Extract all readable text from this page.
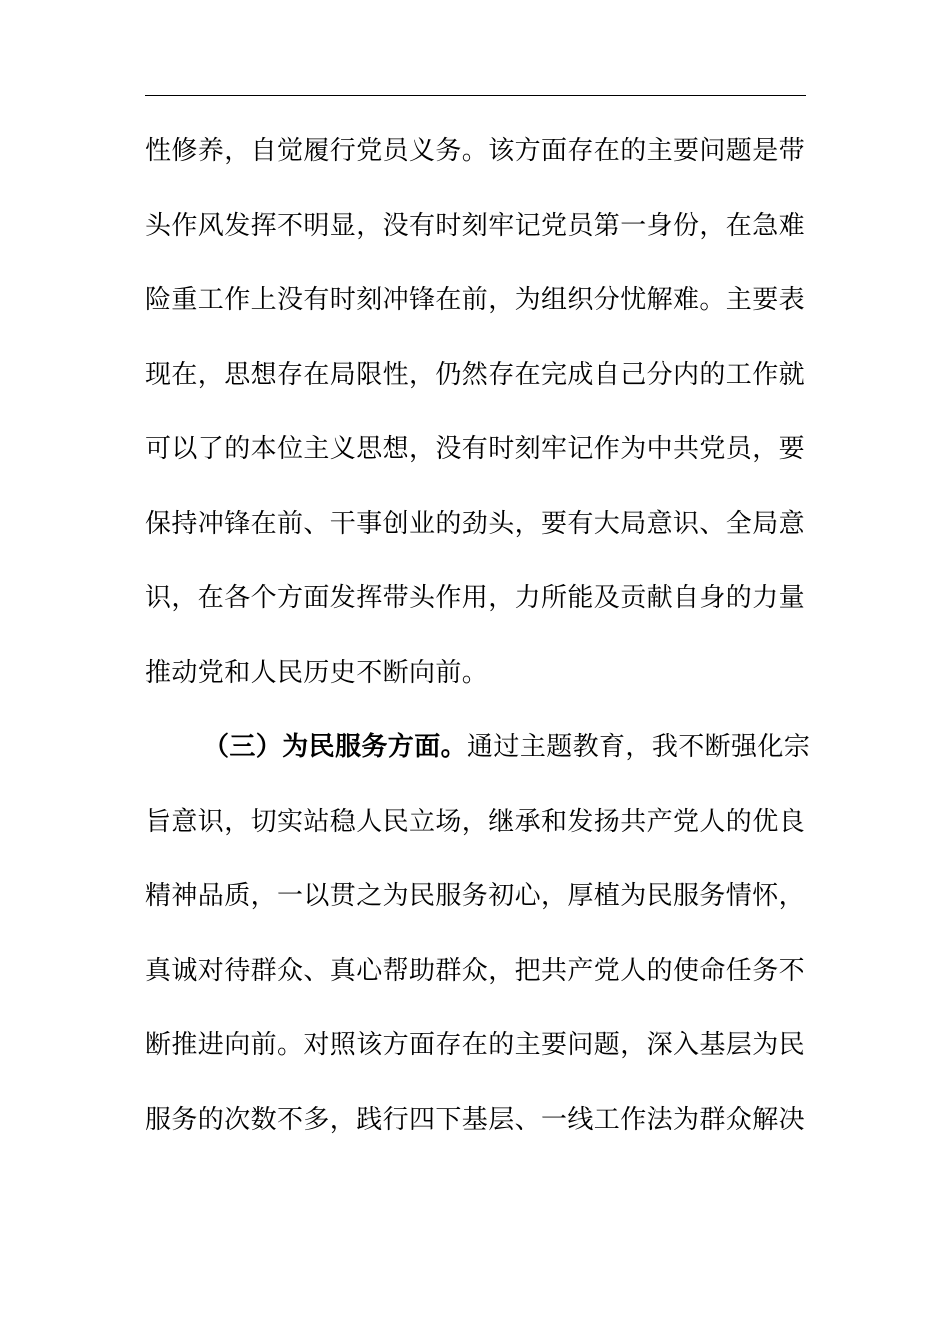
性修养，自觉履行党员义务。该方面存在的主要问题是带
头作风发挥不明显，没有时刻牢记党员第一身份，在急难
险重工作上没有时刻冲锋在前，为组织分忧解难。主要表
现在，思想存在局限性，仍然存在完成自己分内的工作就
可以了的本位主义思想，没有时刻牢记作为中共党员，要
保持冲锋在前、干事创业的劲头，要有大局意识、全局意
识，在各个方面发挥带头作用，力所能及贡献自身的力量
推动党和人民历史不断向前。
（三）为民服务方面。通过主题教育，我不断强化宗
旨意识，切实站稳人民立场，继承和发扬共产党人的优良
精神品质，一以贯之为民服务初心，厚植为民服务情怀，
真诚对待群众、真心帮助群众，把共产党人的使命任务不
断推进向前。对照该方面存在的主要问题，深入基层为民
服务的次数不多，践行四下基层、一线工作法为群众解决
